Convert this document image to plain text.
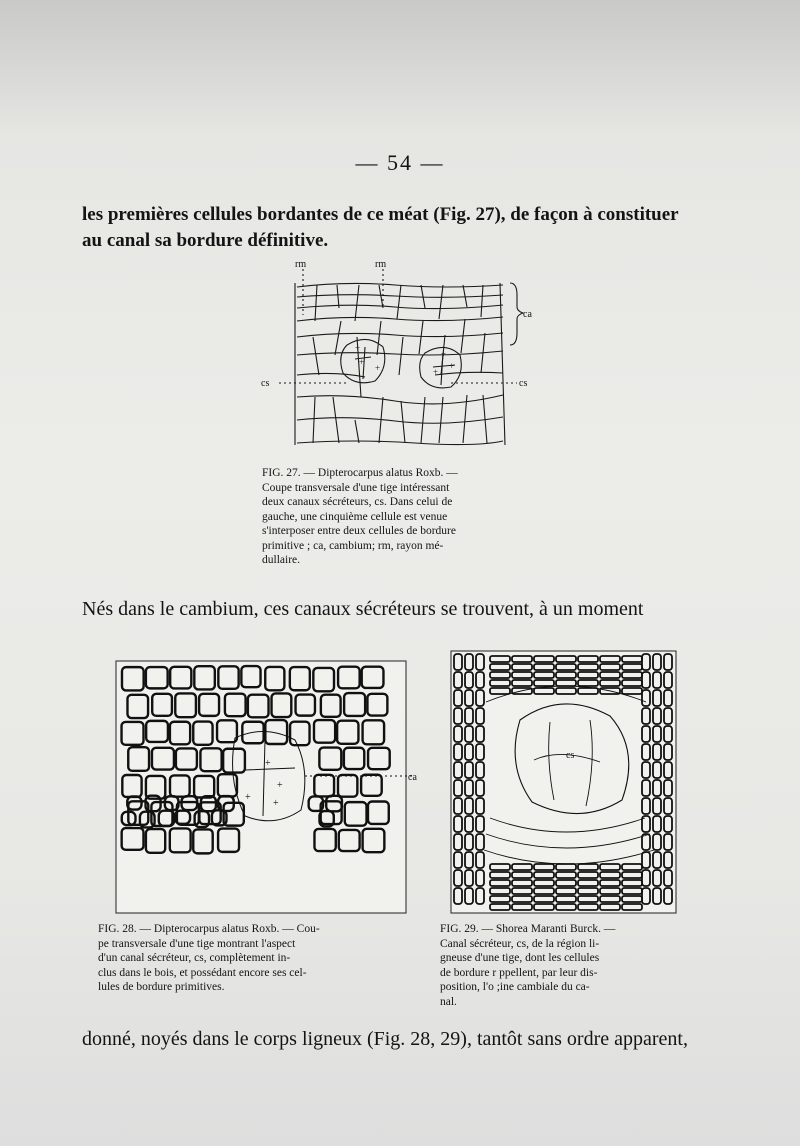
— 54 —
les premières cellules bordantes de ce méat (Fig. 27), de façon à constituer
au canal sa bordure définitive.
+
+
+
+
+
+
rm	rm
ca
cs	cs

FIG. 27. — Dipterocarpus alatus Roxb. —

Coupe transversale d'une tige intéressant

deux canaux sécréteurs, cs. Dans celui de

gauche, une cinquième cellule est venue

s'interposer entre deux cellules de bordure

primitive ; ca, cambium; rm, rayon mé-

dullaire.

Nés dans le cambium, ces canaux sécréteurs se trouvent, à un moment
+
+
+
+
ca

FIG. 28. — Dipterocarpus alatus Roxb. — Cou-

pe transversale d'une tige montrant l'aspect

d'un canal sécréteur, cs, complètement in-

clus dans le bois, et possédant encore ses cel-

lules de bordure primitives.

cs

FIG. 29. — Shorea Maranti Burck. —

Canal sécréteur, cs, de la région li-

gneuse d'une tige, dont les cellules

de bordure r ppellent, par leur dis-

position, l'o ;ine cambiale du ca-

nal.

donné, noyés dans le corps ligneux (Fig. 28, 29), tantôt sans ordre apparent,
